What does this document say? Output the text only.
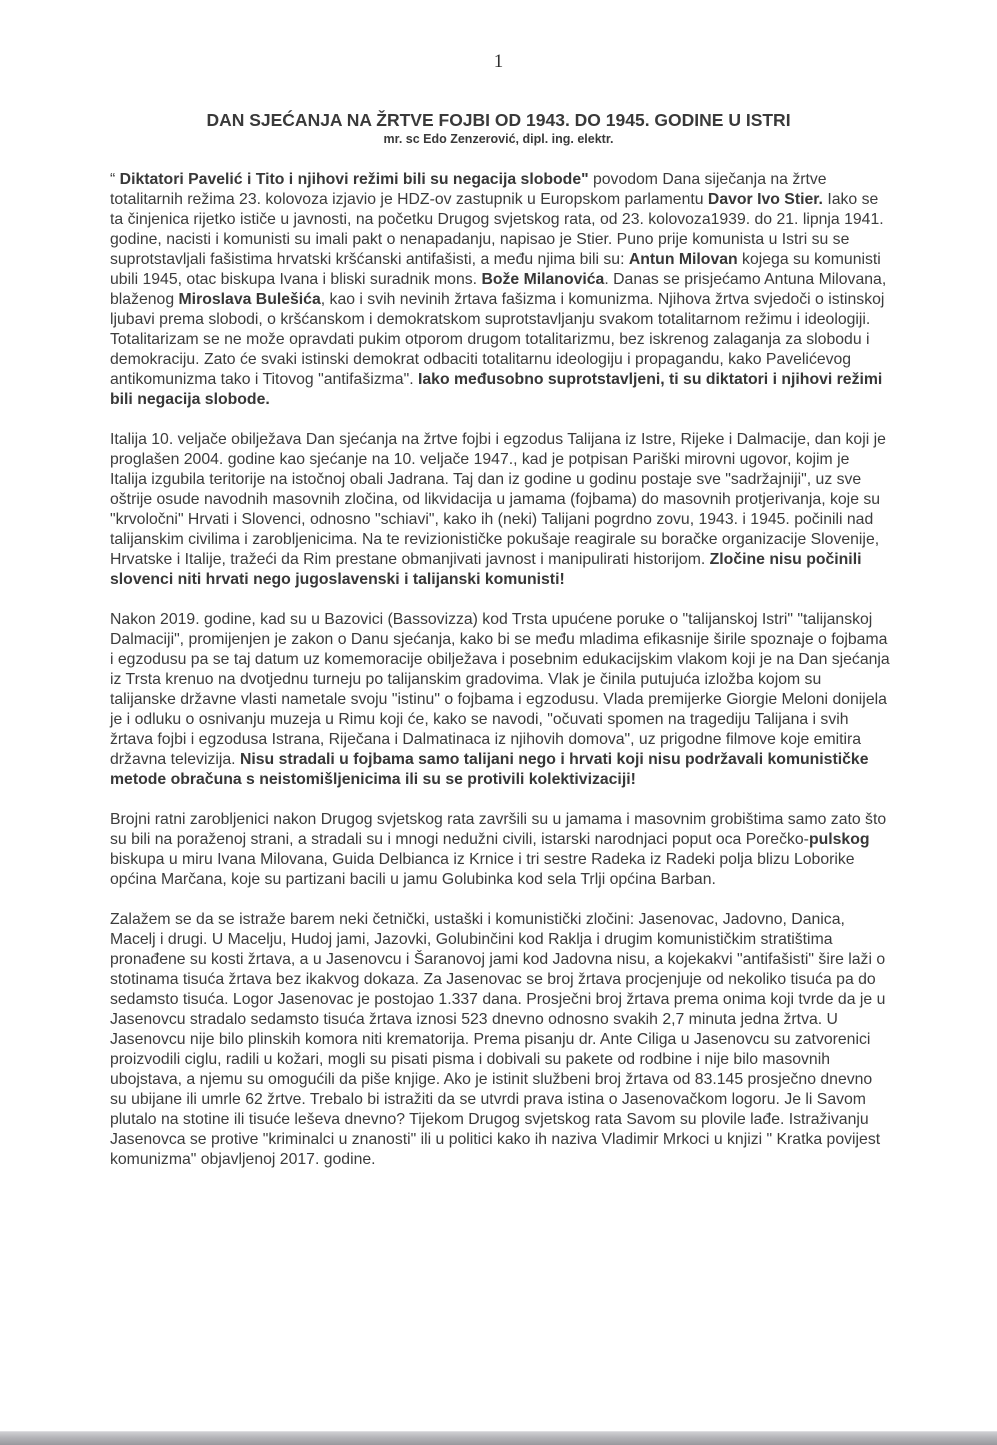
1
DAN SJEĆANJA NA ŽRTVE FOJBI OD 1943. DO 1945. GODINE U ISTRI
mr. sc Edo Zenzerović, dipl. ing. elektr.

“ Diktatori Pavelić i Tito i njihovi režimi bili su negacija slobode" povodom Dana siječanja na žrtve totalitarnih režima 23. kolovoza izjavio je HDZ-ov zastupnik u Europskom parlamentu Davor Ivo Stier. Iako se ta činjenica rijetko ističe u javnosti, na početku Drugog svjetskog rata, od 23. kolovoza1939. do 21. lipnja 1941. godine, nacisti i komunisti su imali pakt o nenapadanju, napisao je Stier. Puno prije komunista u Istri su se suprotstavljali fašistima hrvatski kršćanski antifašisti, a među njima bili su: Antun Milovan kojega su komunisti ubili 1945, otac biskupa Ivana i bliski suradnik mons. Bože Milanovića. Danas se prisjećamo Antuna Milovana, blaženog Miroslava Bulešića, kao i svih nevinih žrtava fašizma i komunizma. Njihova žrtva svjedoči o istinskoj ljubavi prema slobodi, o kršćanskom i demokratskom suprotstavljanju svakom totalitarnom režimu i ideologiji. Totalitarizam se ne može opravdati pukim otporom drugom totalitarizmu, bez iskrenog zalaganja za slobodu i demokraciju. Zato će svaki istinski demokrat odbaciti totalitarnu ideologiju i propagandu, kako Pavelićevog antikomunizma tako i Titovog "antifašizma". Iako međusobno suprotstavljeni, ti su diktatori i njihovi režimi bili negacija slobode.

Italija 10. veljače obilježava Dan sjećanja na žrtve fojbi i egzodus Talijana iz Istre, Rijeke i Dalmacije, dan koji je proglašen 2004. godine kao sjećanje na 10. veljače 1947., kad je potpisan Pariški mirovni ugovor, kojim je Italija izgubila teritorije na istočnoj obali Jadrana. Taj dan iz godine u godinu postaje sve "sadržajniji", uz sve oštrije osude navodnih masovnih zločina, od likvidacija u jamama (fojbama) do masovnih protjerivanja, koje su "krvoločni" Hrvati i Slovenci, odnosno "schiavi", kako ih (neki) Talijani pogrdno zovu, 1943. i 1945. počinili nad talijanskim civilima i zarobljenicima. Na te revizionističke pokušaje reagirale su boračke organizacije Slovenije, Hrvatske i Italije, tražeći da Rim prestane obmanjivati javnost i manipulirati historijom. Zločine nisu počinili slovenci niti hrvati nego jugoslavenski i talijanski komunisti!

Nakon 2019. godine, kad su u Bazovici (Bassovizza) kod Trsta upućene poruke o "talijanskoj Istri" "talijanskoj Dalmaciji", promijenjen je zakon o Danu sjećanja, kako bi se među mladima efikasnije širile spoznaje o fojbama i egzodusu pa se taj datum uz komemoracije obilježava i posebnim edukacijskim vlakom koji je na Dan sjećanja iz Trsta krenuo na dvotjednu turneju po talijanskim gradovima. Vlak je činila putujuća izložba kojom su talijanske državne vlasti nametale svoju "istinu" o fojbama i egzodusu. Vlada premijerke Giorgie Meloni donijela je i odluku o osnivanju muzeja u Rimu koji će, kako se navodi, "očuvati spomen na tragediju Talijana i svih žrtava fojbi i egzodusa Istrana, Riječana i Dalmatinaca iz njihovih domova", uz prigodne filmove koje emitira državna televizija. Nisu stradali u fojbama samo talijani nego i hrvati koji nisu podržavali komunističke metode obračuna s neistomišljenicima ili su se protivili kolektivizaciji!

Brojni ratni zarobljenici nakon Drugog svjetskog rata završili su u jamama i masovnim grobištima samo zato što su bili na poraženoj strani, a stradali su i mnogi nedužni civili, istarski narodnjaci poput oca Porečko-pulskog biskupa u miru Ivana Milovana, Guida Delbianca iz Krnice i tri sestre Radeka iz Radeki polja blizu Loborike općina Marčana, koje su partizani bacili u jamu Golubinka kod sela Trlji općina Barban.

Zalažem se da se istraže barem neki četnički, ustaški i komunistički zločini: Jasenovac, Jadovno, Danica, Macelj i drugi. U Macelju, Hudoj jami, Jazovki, Golubinčini kod Raklja i drugim komunističkim stratištima pronađene su kosti žrtava, a u Jasenovcu i Šaranovoj jami kod Jadovna nisu, a kojekakvi "antifašisti" šire laži o stotinama tisuća žrtava bez ikakvog dokaza. Za Jasenovac se broj žrtava procjenjuje od nekoliko tisuća pa do sedamsto tisuća. Logor Jasenovac je postojao 1.337 dana. Prosječni broj žrtava prema onima koji tvrde da je u Jasenovcu stradalo sedamsto tisuća žrtava iznosi 523 dnevno odnosno svakih 2,7 minuta jedna žrtva. U Jasenovcu nije bilo plinskih komora niti krematorija. Prema pisanju dr. Ante Ciliga u Jasenovcu su zatvorenici proizvodili ciglu, radili u kožari, mogli su pisati pisma i dobivali su pakete od rodbine i nije bilo masovnih ubojstava, a njemu su omogućili da piše knjige. Ako je istinit službeni broj žrtava od 83.145 prosječno dnevno su ubijane ili umrle 62 žrtve. Trebalo bi istražiti da se utvrdi prava istina o Jasenovačkom logoru. Je li Savom plutalo na stotine ili tisuće leševa dnevno? Tijekom Drugog svjetskog rata Savom su plovile lađe. Istraživanju Jasenovca se protive "kriminalci u znanosti" ili u politici kako ih naziva Vladimir Mrkoci u knjizi " Kratka povijest komunizma" objavljenoj 2017. godine.
